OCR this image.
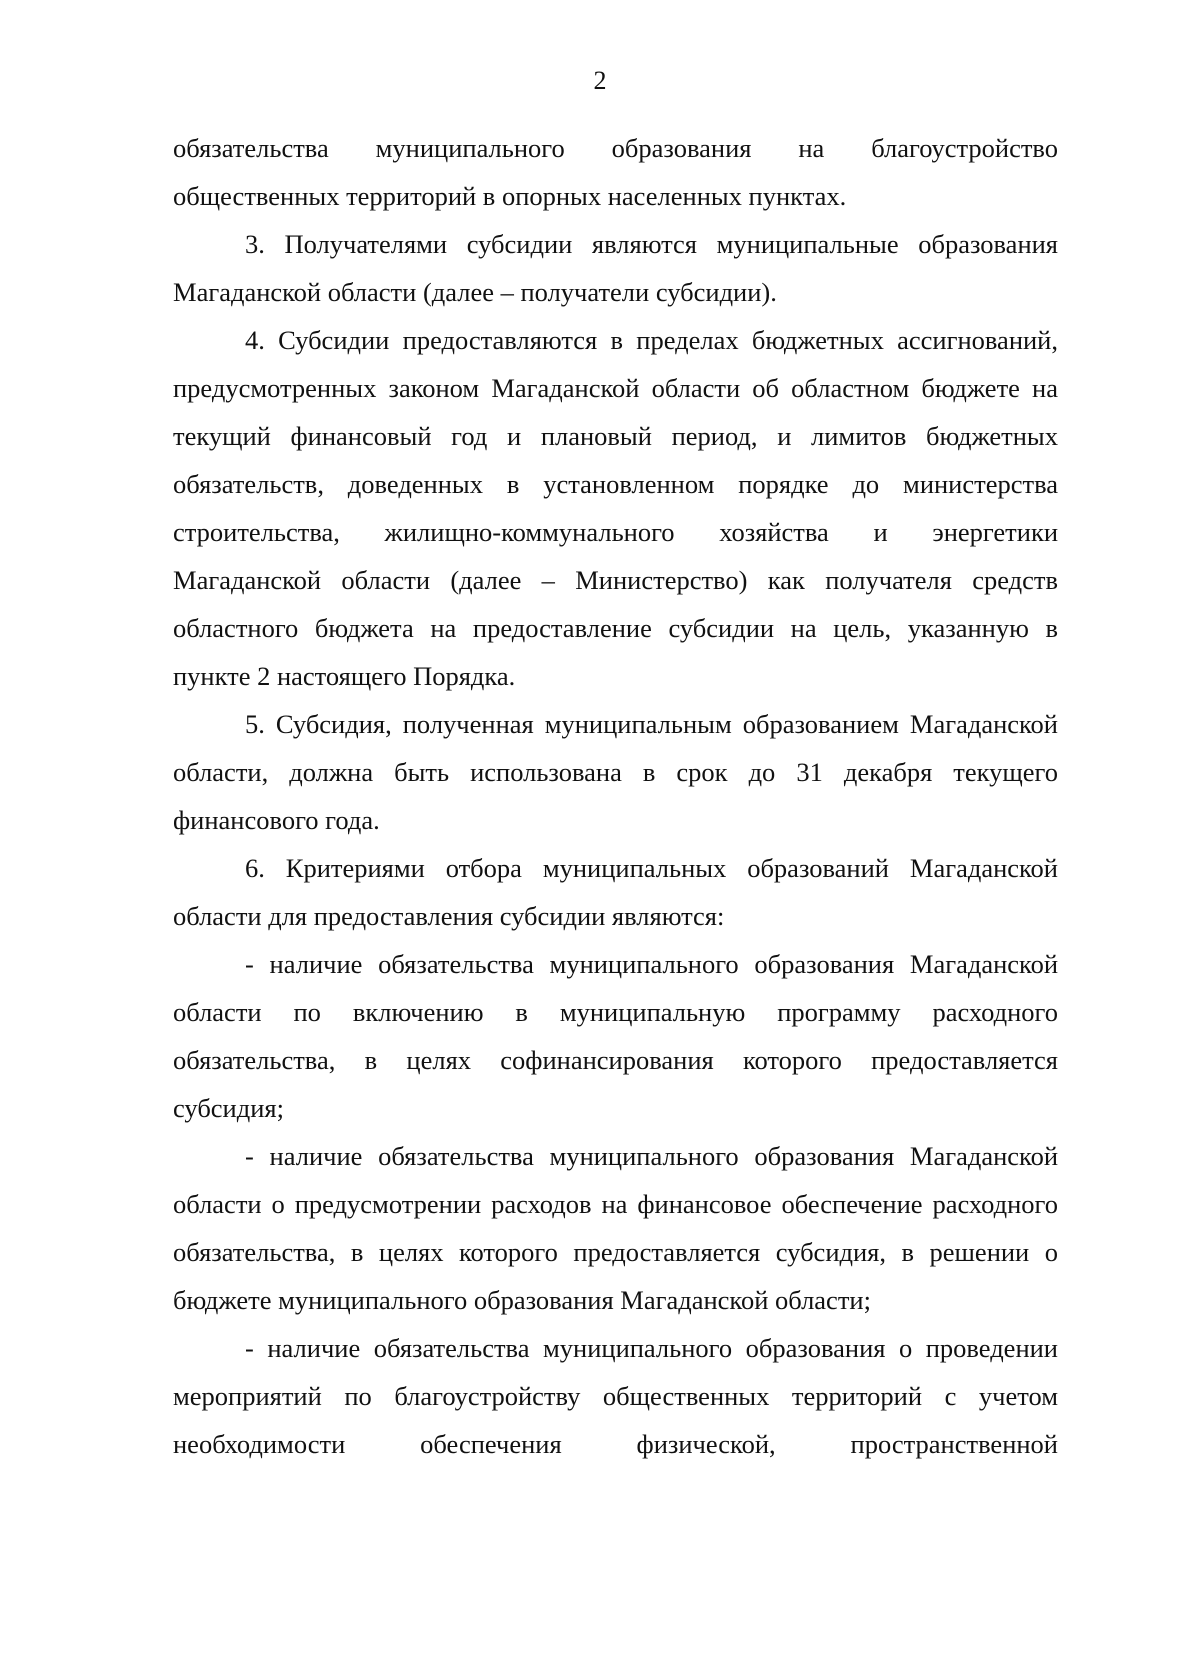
2

обязательства муниципального образования на благоустройство общественных территорий в опорных населенных пунктах.

3. Получателями субсидии являются муниципальные образования Магаданской области (далее – получатели субсидии).

4. Субсидии предоставляются в пределах бюджетных ассигнований, предусмотренных законом Магаданской области об областном бюджете на текущий финансовый год и плановый период, и лимитов бюджетных обязательств, доведенных в установленном порядке до министерства строительства, жилищно-коммунального хозяйства и энергетики Магаданской области (далее – Министерство) как получателя средств областного бюджета на предоставление субсидии на цель, указанную в пункте 2 настоящего Порядка.

5. Субсидия, полученная муниципальным образованием Магаданской области, должна быть использована в срок до 31 декабря текущего финансового года.

6. Критериями отбора муниципальных образований Магаданской области для предоставления субсидии являются:

- наличие обязательства муниципального образования Магаданской области по включению в муниципальную программу расходного обязательства, в целях софинансирования которого предоставляется субсидия;

- наличие обязательства муниципального образования Магаданской области о предусмотрении расходов на финансовое обеспечение расходного обязательства, в целях которого предоставляется субсидия, в решении о бюджете муниципального образования Магаданской области;

- наличие обязательства муниципального образования о проведении мероприятий по благоустройству общественных территорий с учетом необходимости обеспечения физической, пространственной
